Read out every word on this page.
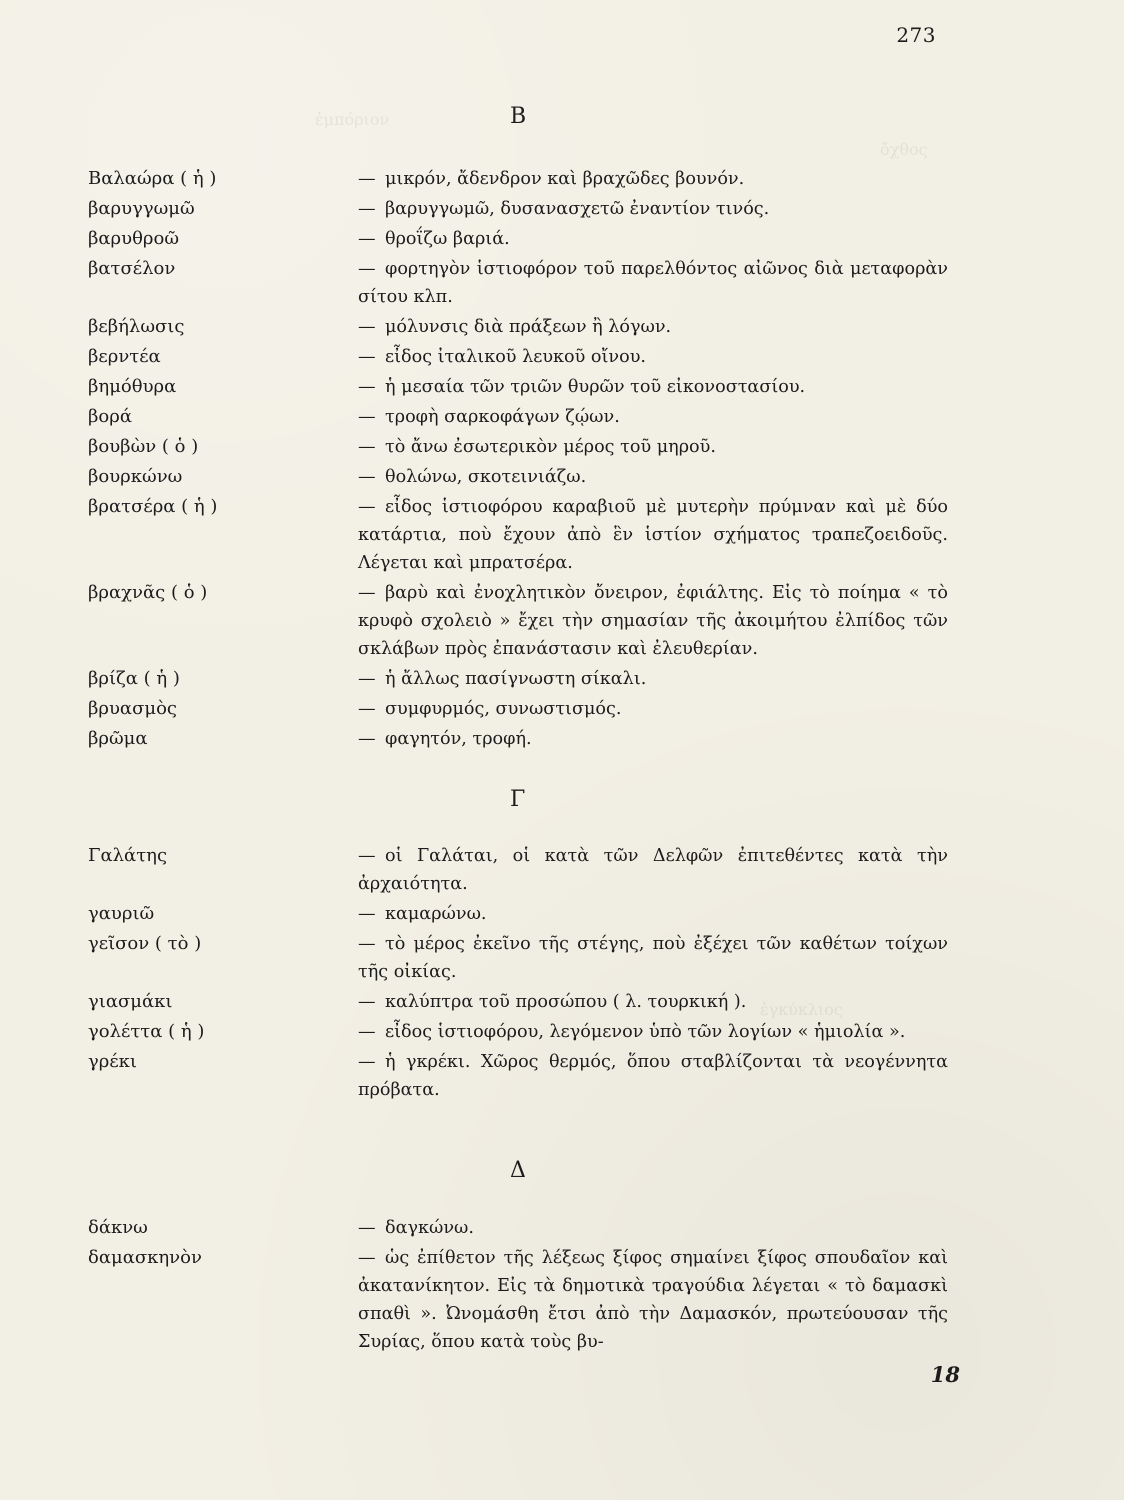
ἐμπόριον
ὄχθος
ἐγκύκλιος
273
Β
Βαλαώρα ( ἡ )	— μικρόν, ἄδενδρον καὶ βραχῶδες βουνόν.
βαρυγγωμῶ	— βαρυγγωμῶ, δυσανασχετῶ ἐναντίον τινός.
βαρυθροῶ	— θροΐζω βαριά.
βατσέλον	— φορτηγὸν ἱστιοφόρον τοῦ παρελθόντος αἰῶνος διὰ μεταφορὰν σίτου κλπ.
βεβήλωσις	— μόλυνσις διὰ πράξεων ἢ λόγων.
βερντέα	— εἶδος ἰταλικοῦ λευκοῦ οἴνου.
βημόθυρα	— ἡ μεσαία τῶν τριῶν θυρῶν τοῦ εἰκονοστασίου.
βορά	— τροφὴ σαρκοφάγων ζῴων.
βουβὼν ( ὁ )	— τὸ ἄνω ἐσωτερικὸν μέρος τοῦ μηροῦ.
βουρκώνω	— θολώνω, σκοτεινιάζω.
βρατσέρα ( ἡ )	— εἶδος ἱστιοφόρου καραβιοῦ μὲ μυτερὴν πρύμναν καὶ μὲ δύο κατάρτια, ποὺ ἔχουν ἀπὸ ἓν ἱστίον σχήματος τραπεζοειδοῦς. Λέγεται καὶ μπρατσέρα.
βραχνᾶς ( ὁ )	— βαρὺ καὶ ἐνοχλητικὸν ὄνειρον, ἐφιάλτης. Εἰς τὸ ποίημα « τὸ κρυφὸ σχολειὸ » ἔχει τὴν σημασίαν τῆς ἀκοιμήτου ἐλπίδος τῶν σκλάβων πρὸς ἐπανάστασιν καὶ ἐλευθερίαν.
βρίζα ( ἡ )	— ἡ ἄλλως πασίγνωστη σίκαλι.
βρυασμὸς	— συμφυρμός, συνωστισμός.
βρῶμα	— φαγητόν, τροφή.
Γ
Γαλάτης	— οἱ Γαλάται, οἱ κατὰ τῶν Δελφῶν ἐπιτεθέντες κατὰ τὴν ἀρχαιότητα.
γαυριῶ	— καμαρώνω.
γεῖσον ( τὸ )	— τὸ μέρος ἐκεῖνο τῆς στέγης, ποὺ ἐξέχει τῶν καθέτων τοίχων τῆς οἰκίας.
γιασμάκι	— καλύπτρα τοῦ προσώπου ( λ. τουρκική ).
γολέττα ( ἡ )	— εἶδος ἱστιοφόρου, λεγόμενον ὑπὸ τῶν λογίων « ἡμιολία ».
γρέκι	— ἡ γκρέκι. Χῶρος θερμός, ὅπου σταβλίζονται τὰ νεογέννητα πρόβατα.
Δ
δάκνω	— δαγκώνω.
δαμασκηνὸν	— ὡς ἐπίθετον τῆς λέξεως ξίφος σημαίνει ξίφος σπουδαῖον καὶ ἀκατανίκητον. Εἰς τὰ δημοτικὰ τραγούδια λέγεται « τὸ δαμασκὶ σπαθὶ ». Ὠνομάσθη ἔτσι ἀπὸ τὴν Δαμασκόν, πρωτεύουσαν τῆς Συρίας, ὅπου κατὰ τοὺς βυ-
18
